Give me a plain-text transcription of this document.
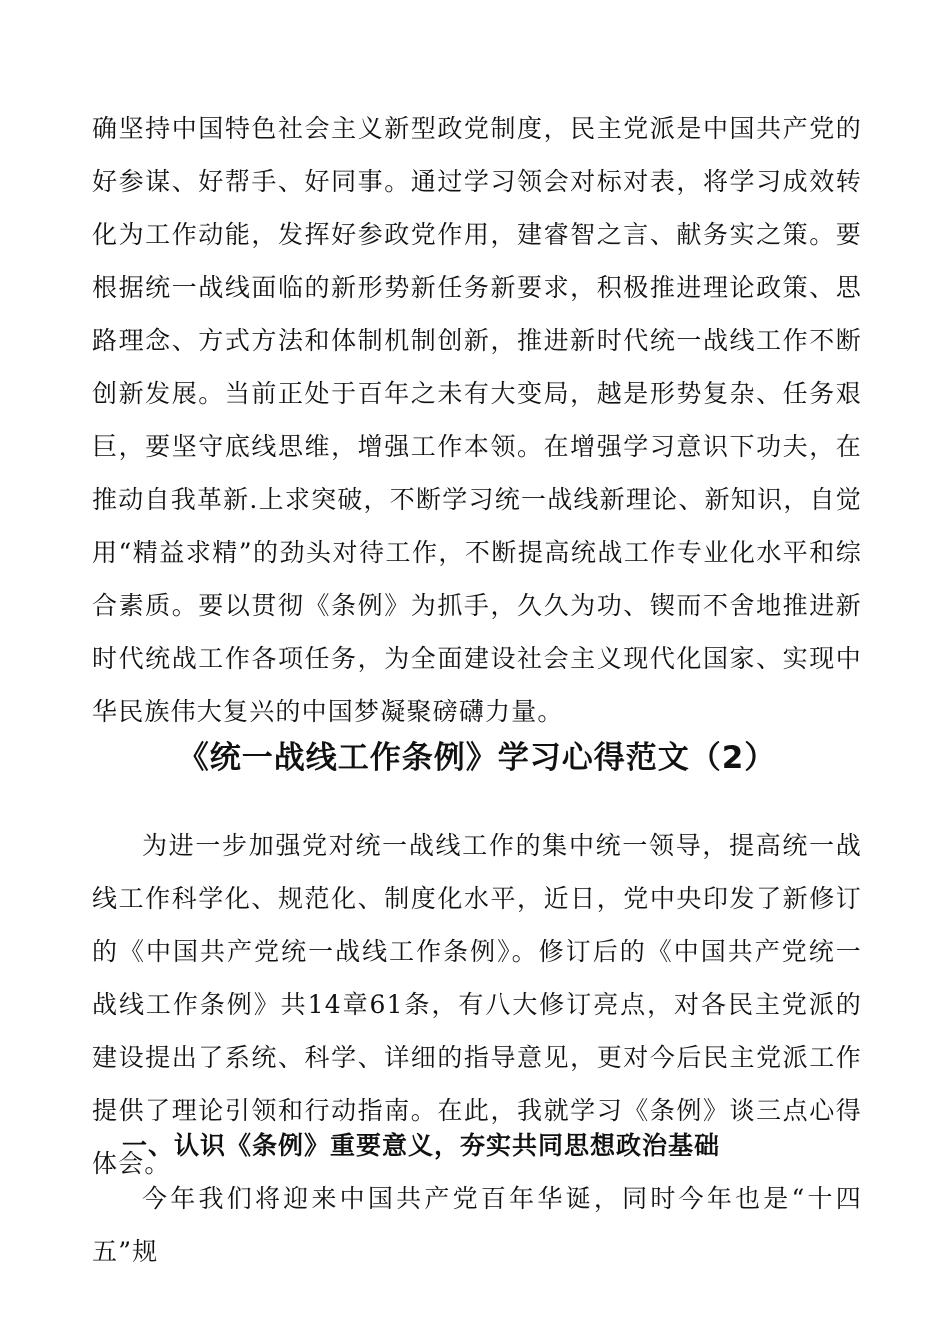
确坚持中国特色社会主义新型政党制度，民主党派是中国共产党的好参谋、好帮手、好同事。通过学习领会对标对表，将学习成效转化为工作动能，发挥好参政党作用，建睿智之言、献务实之策。要根据统一战线面临的新形势新任务新要求，积极推进理论政策、思路理念、方式方法和体制机制创新，推进新时代统一战线工作不断创新发展。当前正处于百年之未有大变局，越是形势复杂、任务艰巨，要坚守底线思维，增强工作本领。在增强学习意识下功夫，在推动自我革新.上求突破，不断学习统一战线新理论、新知识，自觉用“精益求精”的劲头对待工作，不断提高统战工作专业化水平和综合素质。要以贯彻《条例》为抓手，久久为功、锲而不舍地推进新时代统战工作各项任务，为全面建设社会主义现代化国家、实现中华民族伟大复兴的中国梦凝聚磅礴力量。

《统一战线工作条例》学习心得范文（2）

为进一步加强党对统一战线工作的集中统一领导，提高统一战线工作科学化、规范化、制度化水平，近日，党中央印发了新修订的《中国共产党统一战线工作条例》。修订后的《中国共产党统一战线工作条例》共14章61条，有八大修订亮点，对各民主党派的建设提出了系统、科学、详细的指导意见，更对今后民主党派工作提供了理论引领和行动指南。在此，我就学习《条例》谈三点心得体会。

一、认识《条例》重要意义，夯实共同思想政治基础

今年我们将迎来中国共产党百年华诞，同时今年也是“十四五”规
